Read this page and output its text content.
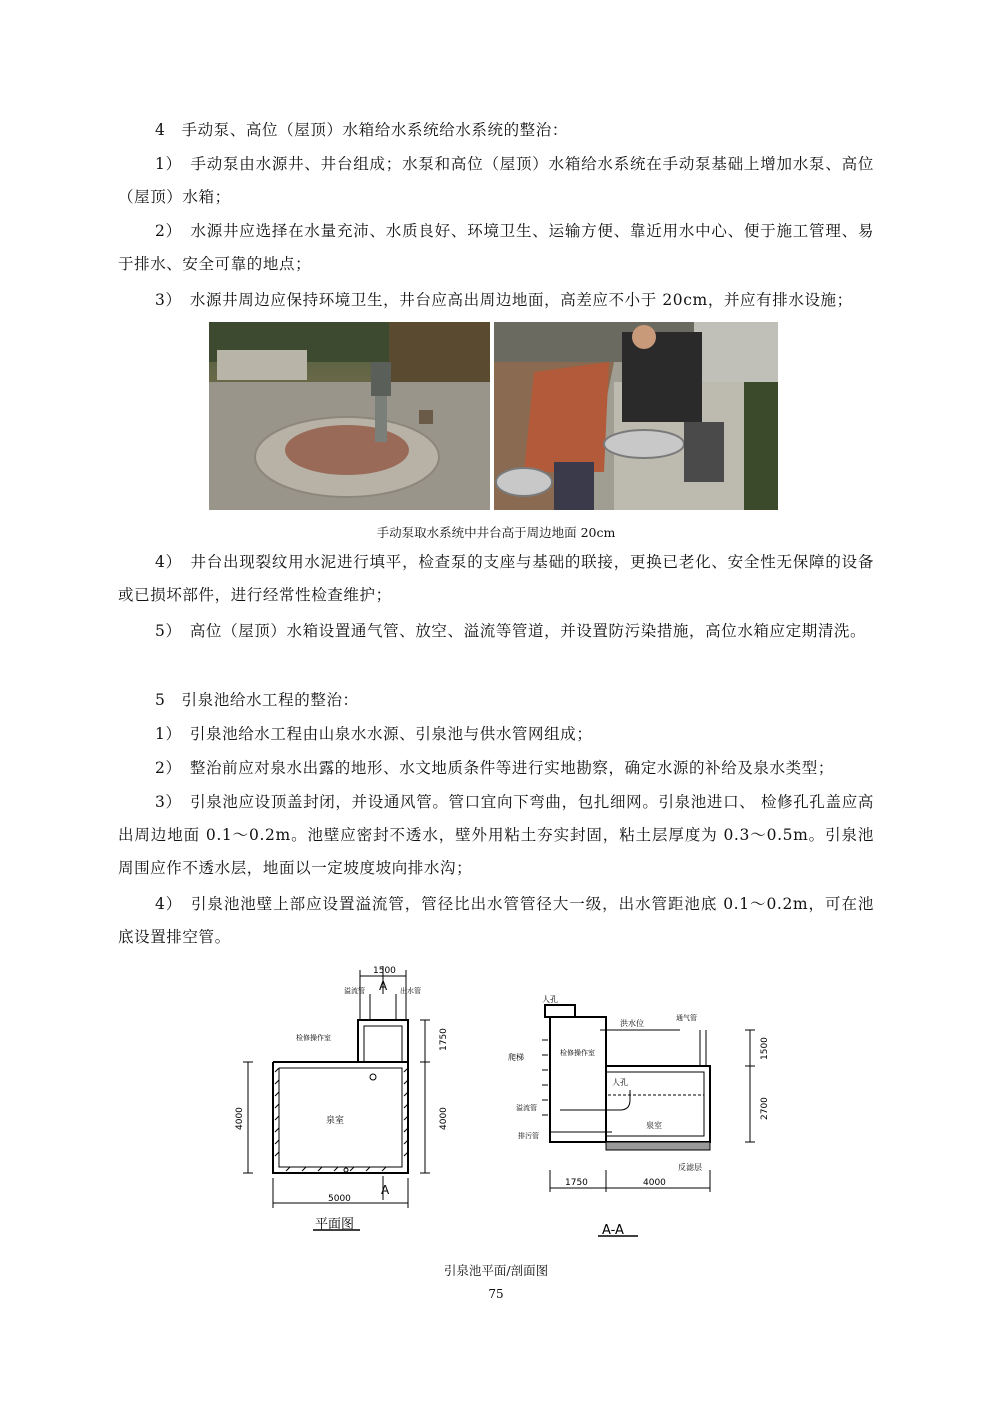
4　手动泵、高位（屋顶）水箱给水系统给水系统的整治：

1）　手动泵由水源井、井台组成；水泵和高位（屋顶）水箱给水系统在手动泵基础上增加水泵、高位（屋顶）水箱；

2）　水源井应选择在水量充沛、水质良好、环境卫生、运输方便、靠近用水中心、便于施工管理、易于排水、安全可靠的地点；

3）　水源井周边应保持环境卫生，井台应高出周边地面，高差应不小于 20cm，并应有排水设施；

手动泵取水系统中井台高于周边地面 20cm

4）　井台出现裂纹用水泥进行填平，检查泵的支座与基础的联接，更换已老化、安全性无保障的设备或已损坏部件，进行经常性检查维护；

5）　高位（屋顶）水箱设置通气管、放空、溢流等管道，并设置防污染措施，高位水箱应定期清洗。

5　引泉池给水工程的整治：

1）　引泉池给水工程由山泉水水源、引泉池与供水管网组成；

2）　整治前应对泉水出露的地形、水文地质条件等进行实地勘察，确定水源的补给及泉水类型；

3）　引泉池应设顶盖封闭，并设通风管。管口宜向下弯曲，包扎细网。引泉池进口、 检修孔孔盖应高出周边地面 0.1～0.2m。池壁应密封不透水，壁外用粘土夯实封固，粘土层厚度为 0.3～0.5m。引泉池周围应作不透水层，地面以一定坡度坡向排水沟；

4）　引泉池池壁上部应设置溢流管，管径比出水管管径大一级，出水管距池底 0.1～0.2m，可在池底设置排空管。

1500
A
溢流管	出水管
检修操作室
泉室
1750
4000
4000
5000
A
平面图
人孔
通气管
洪水位
爬梯	检修操作室
人孔
溢流管
排污管
泉室
反滤层
1500
2700
1750	4000
A-A
引泉池平面/剖面图
75
